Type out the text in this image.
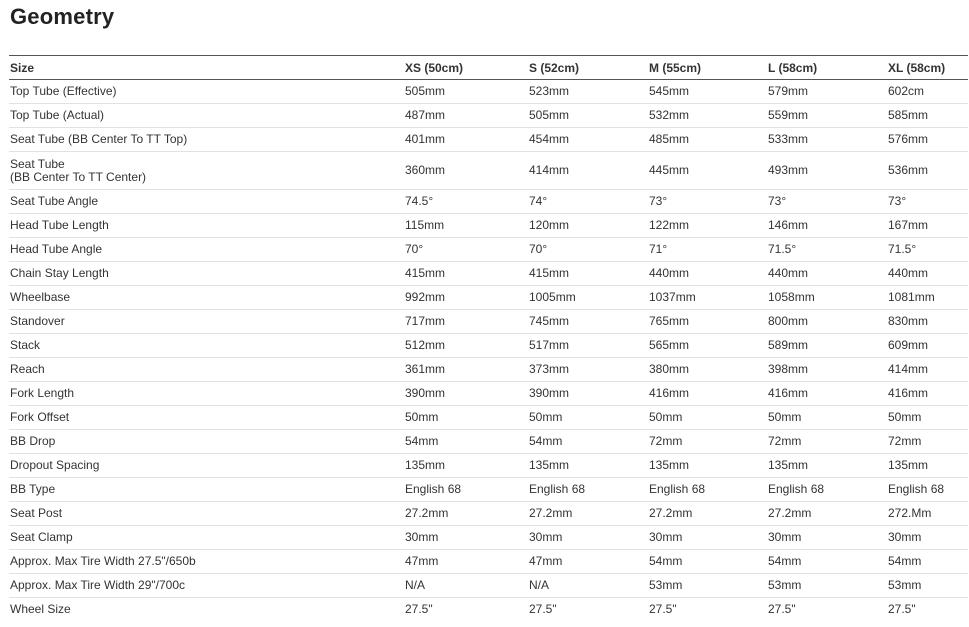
Geometry
Size	XS (50cm)	S (52cm)	M (55cm)	L (58cm)	XL (58cm)
Top Tube (Effective)	505mm	523mm	545mm	579mm	602cm
Top Tube (Actual)	487mm	505mm	532mm	559mm	585mm
Seat Tube (BB Center To TT Top)	401mm	454mm	485mm	533mm	576mm
Seat Tube
(BB Center To TT Center)	360mm	414mm	445mm	493mm	536mm
Seat Tube Angle	74.5°	74°	73°	73°	73°
Head Tube Length	115mm	120mm	122mm	146mm	167mm
Head Tube Angle	70°	70°	71°	71.5°	71.5°
Chain Stay Length	415mm	415mm	440mm	440mm	440mm
Wheelbase	992mm	1005mm	1037mm	1058mm	1081mm
Standover	717mm	745mm	765mm	800mm	830mm
Stack	512mm	517mm	565mm	589mm	609mm
Reach	361mm	373mm	380mm	398mm	414mm
Fork Length	390mm	390mm	416mm	416mm	416mm
Fork Offset	50mm	50mm	50mm	50mm	50mm
BB Drop	54mm	54mm	72mm	72mm	72mm
Dropout Spacing	135mm	135mm	135mm	135mm	135mm
BB Type	English 68	English 68	English 68	English 68	English 68
Seat Post	27.2mm	27.2mm	27.2mm	27.2mm	272.Mm
Seat Clamp	30mm	30mm	30mm	30mm	30mm
Approx. Max Tire Width 27.5"/650b	47mm	47mm	54mm	54mm	54mm
Approx. Max Tire Width 29"/700c	N/A	N/A	53mm	53mm	53mm
Wheel Size	27.5"	27.5"	27.5"	27.5"	27.5"
